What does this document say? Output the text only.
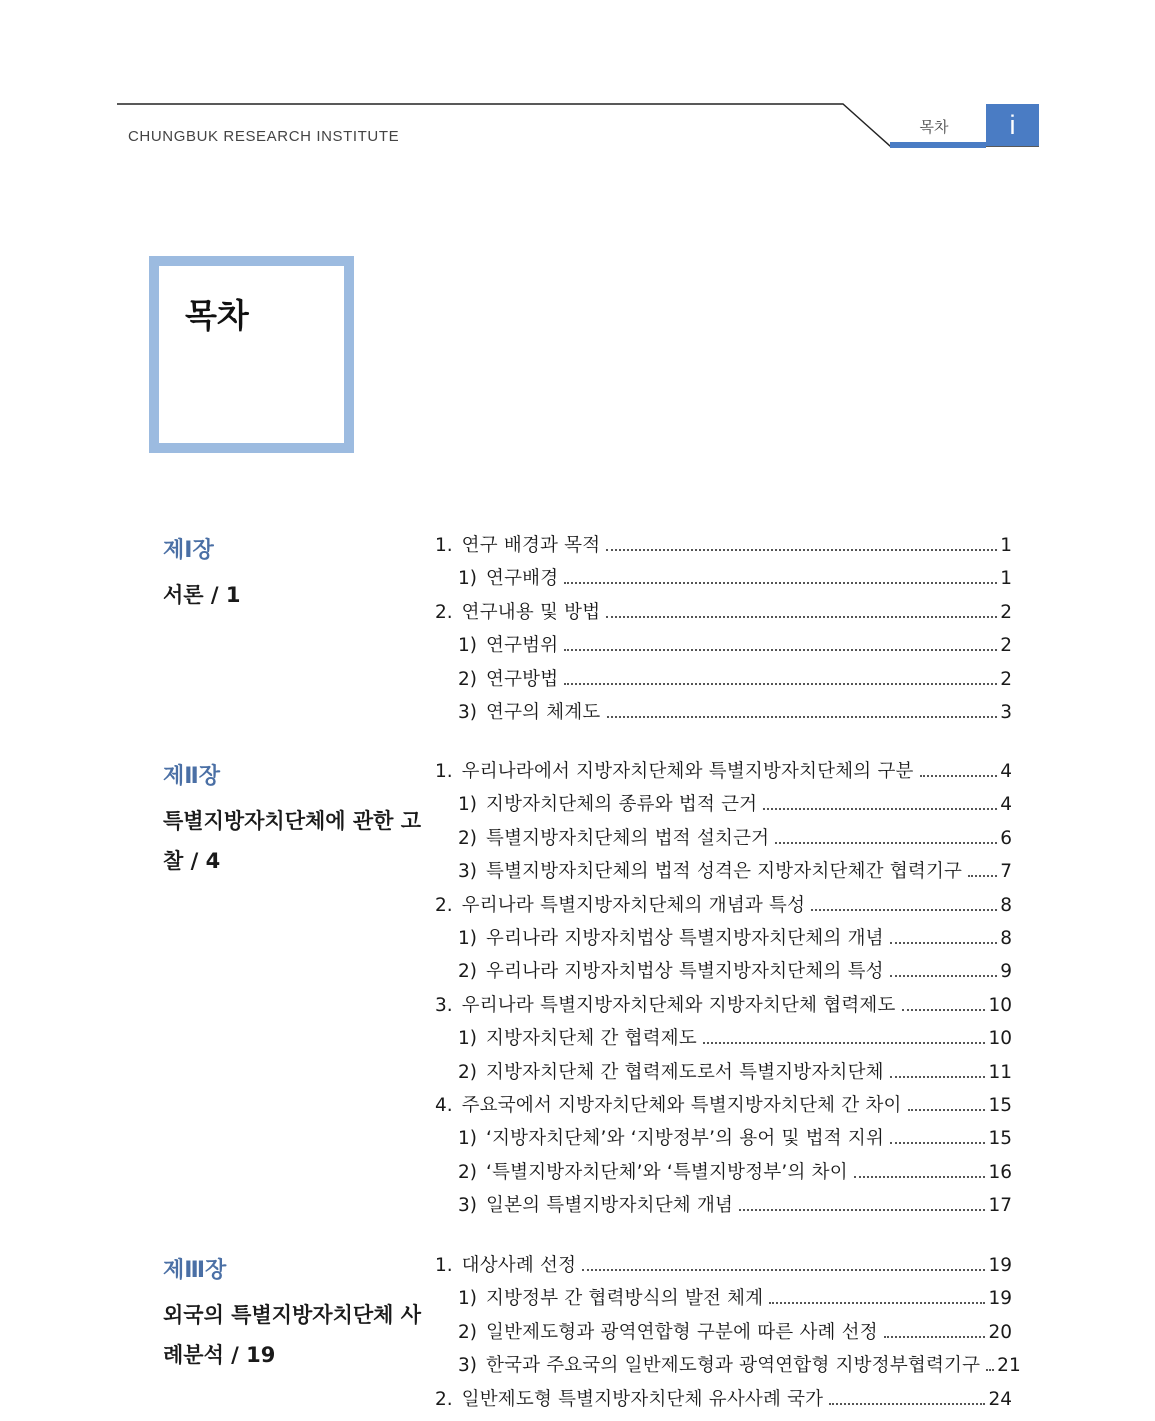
CHUNGBUK RESEARCH INSTITUTE
목차	i
목차
제Ⅰ장
서론 / 1
1. 연구 배경과 목적	1
1) 연구배경	1
2. 연구내용 및 방법	2
1) 연구범위	2
2) 연구방법	2
3) 연구의 체계도	3
제Ⅱ장
특별지방자치단체에 관한 고찰 / 4
1. 우리나라에서 지방자치단체와 특별지방자치단체의 구분	4
1) 지방자치단체의 종류와 법적 근거	4
2) 특별지방자치단체의 법적 설치근거	6
3) 특별지방자치단체의 법적 성격은 지방자치단체간 협력기구 7
2. 우리나라 특별지방자치단체의 개념과 특성	8
1) 우리나라 지방자치법상 특별지방자치단체의 개념	8
2) 우리나라 지방자치법상 특별지방자치단체의 특성	9
3. 우리나라 특별지방자치단체와 지방자치단체 협력제도	10
1) 지방자치단체 간 협력제도	10
2) 지방자치단체 간 협력제도로서 특별지방자치단체	11
4. 주요국에서 지방자치단체와 특별지방자치단체 간 차이	15
1) ‘지방자치단체’와 ‘지방정부’의 용어 및 법적 지위	15
2) ‘특별지방자치단체’와 ‘특별지방정부’의 차이	16
3) 일본의 특별지방자치단체 개념	17
제Ⅲ장
외국의 특별지방자치단체 사례분석 / 19
1. 대상사례 선정	19
1) 지방정부 간 협력방식의 발전 체계	19
2) 일반제도형과 광역연합형 구분에 따른 사례 선정	20
3) 한국과 주요국의 일반제도형과 광역연합형 지방정부협력기구 21
2. 일반제도형 특별지방자치단체 유사사례 국가	24
